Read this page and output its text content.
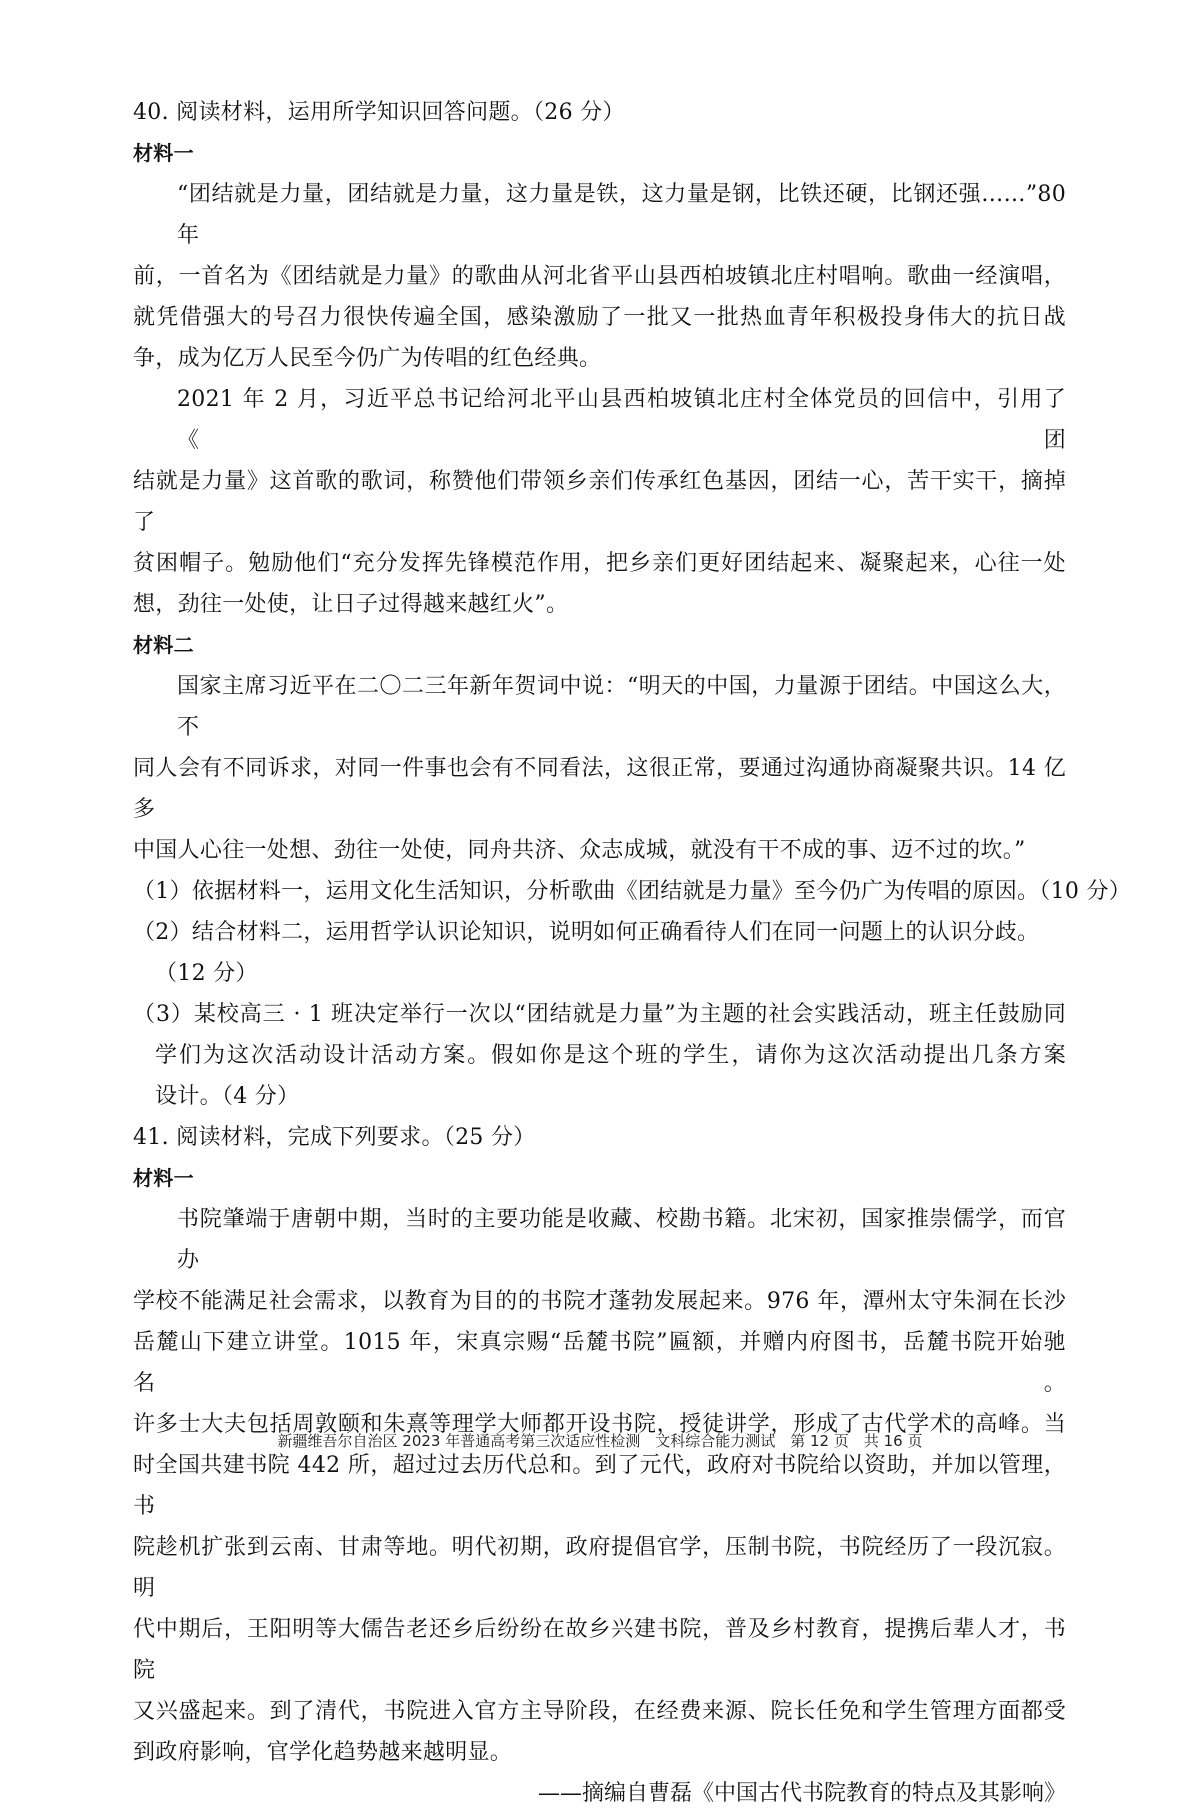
40. 阅读材料，运用所学知识回答问题。（26 分）
材料一
“团结就是力量，团结就是力量，这力量是铁，这力量是钢，比铁还硬，比钢还强……”80 年
前，一首名为《团结就是力量》的歌曲从河北省平山县西柏坡镇北庄村唱响。歌曲一经演唱，
就凭借强大的号召力很快传遍全国，感染激励了一批又一批热血青年积极投身伟大的抗日战
争，成为亿万人民至今仍广为传唱的红色经典。
2021 年 2 月，习近平总书记给河北平山县西柏坡镇北庄村全体党员的回信中，引用了《团
结就是力量》这首歌的歌词，称赞他们带领乡亲们传承红色基因，团结一心，苦干实干，摘掉了
贫困帽子。勉励他们“充分发挥先锋模范作用，把乡亲们更好团结起来、凝聚起来，心往一处
想，劲往一处使，让日子过得越来越红火”。
材料二
国家主席习近平在二〇二三年新年贺词中说：“明天的中国，力量源于团结。中国这么大，不
同人会有不同诉求，对同一件事也会有不同看法，这很正常，要通过沟通协商凝聚共识。14 亿多
中国人心往一处想、劲往一处使，同舟共济、众志成城，就没有干不成的事、迈不过的坎。”
（1）依据材料一，运用文化生活知识，分析歌曲《团结就是力量》至今仍广为传唱的原因。（10 分）
（2）结合材料二，运用哲学认识论知识，说明如何正确看待人们在同一问题上的认识分歧。
（12 分）
（3）某校高三 · 1 班决定举行一次以“团结就是力量”为主题的社会实践活动，班主任鼓励同
学们为这次活动设计活动方案。假如你是这个班的学生，请你为这次活动提出几条方案
设计。（4 分）
41. 阅读材料，完成下列要求。（25 分）
材料一
书院肇端于唐朝中期，当时的主要功能是收藏、校勘书籍。北宋初，国家推崇儒学，而官办
学校不能满足社会需求，以教育为目的的书院才蓬勃发展起来。976 年，潭州太守朱洞在长沙
岳麓山下建立讲堂。1015 年，宋真宗赐“岳麓书院”匾额，并赠内府图书，岳麓书院开始驰名。
许多士大夫包括周敦颐和朱熹等理学大师都开设书院，授徒讲学，形成了古代学术的高峰。当
时全国共建书院 442 所，超过过去历代总和。到了元代，政府对书院给以资助，并加以管理，书
院趁机扩张到云南、甘肃等地。明代初期，政府提倡官学，压制书院，书院经历了一段沉寂。明
代中期后，王阳明等大儒告老还乡后纷纷在故乡兴建书院，普及乡村教育，提携后辈人才，书院
又兴盛起来。到了清代，书院进入官方主导阶段，在经费来源、院长任免和学生管理方面都受
到政府影响，官学化趋势越来越明显。
——摘编自曹磊《中国古代书院教育的特点及其影响》
新疆维吾尔自治区 2023 年普通高考第三次适应性检测　文科综合能力测试　第 12 页　共 16 页
